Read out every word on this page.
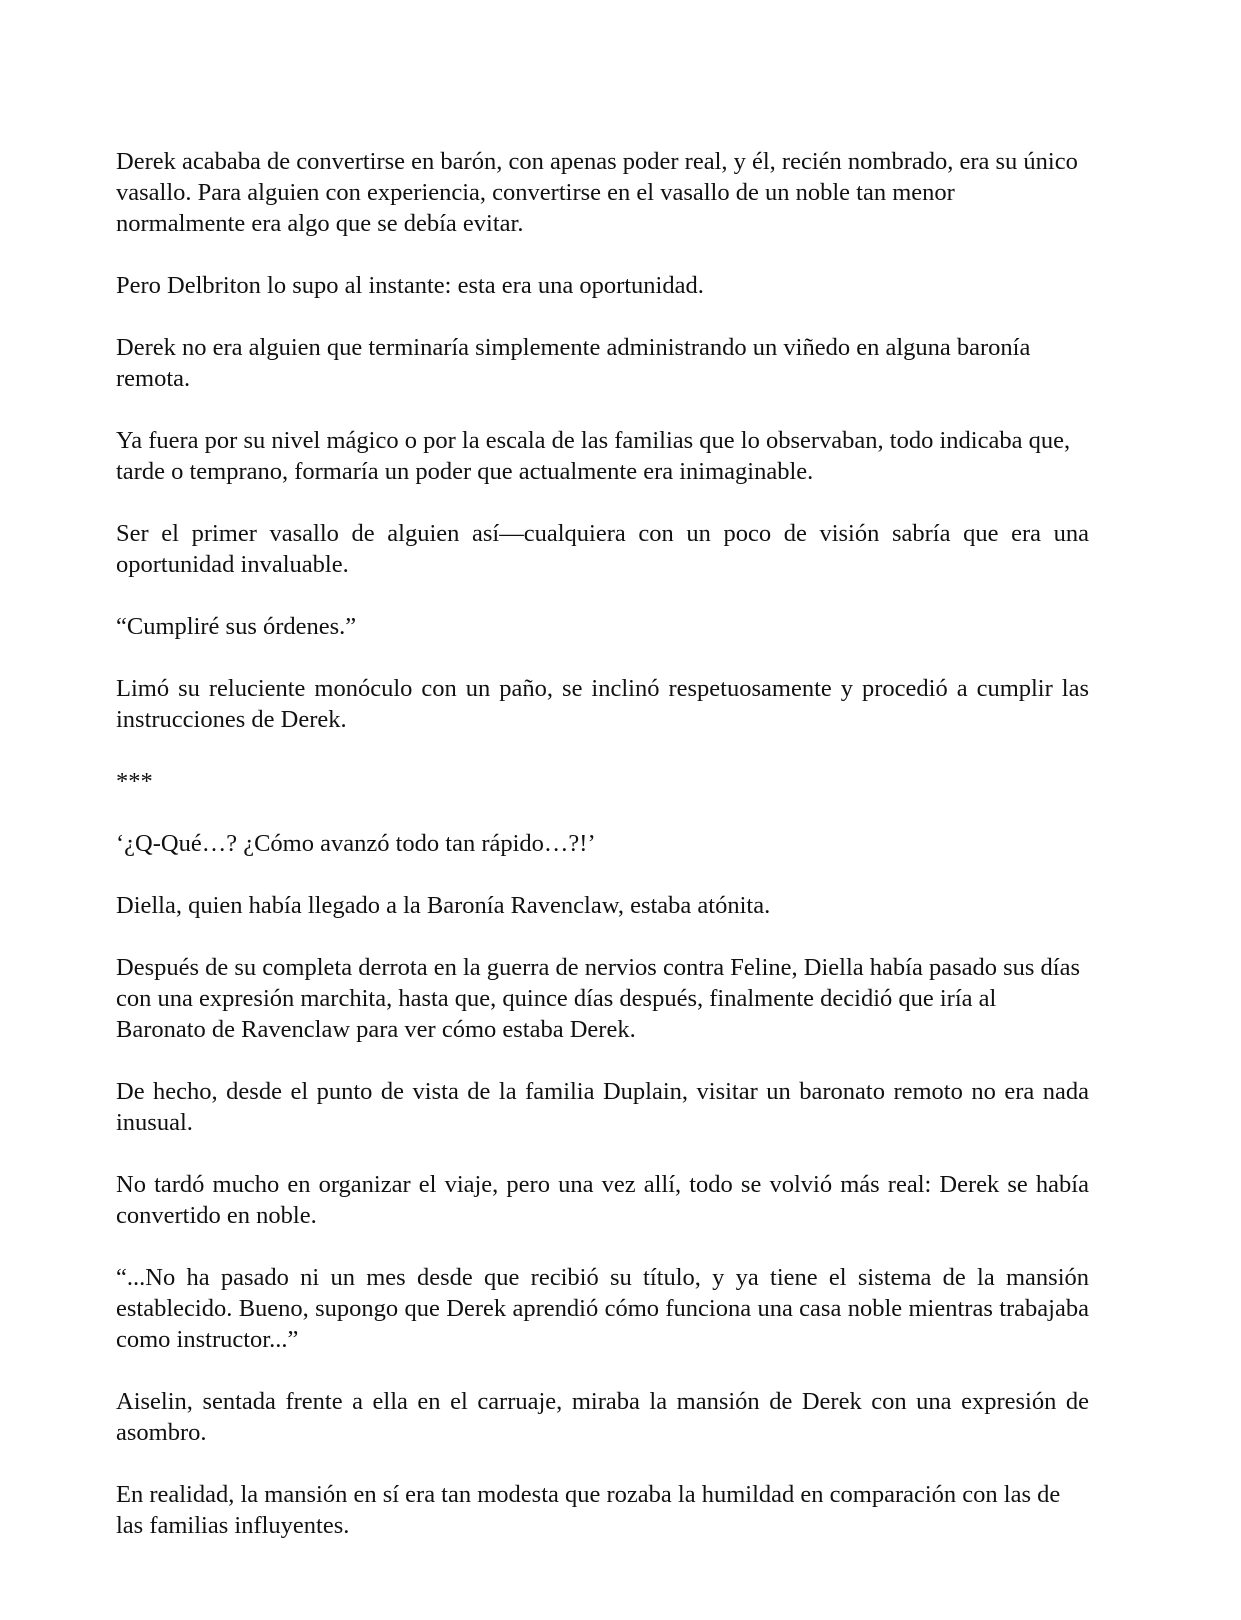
Derek acababa de convertirse en barón, con apenas poder real, y él, recién nombrado, era su único vasallo. Para alguien con experiencia, convertirse en el vasallo de un noble tan menor normalmente era algo que se debía evitar.

Pero Delbriton lo supo al instante: esta era una oportunidad.

Derek no era alguien que terminaría simplemente administrando un viñedo en alguna baronía remota.

Ya fuera por su nivel mágico o por la escala de las familias que lo observaban, todo indicaba que, tarde o temprano, formaría un poder que actualmente era inimaginable.

Ser el primer vasallo de alguien así—cualquiera con un poco de visión sabría que era una oportunidad invaluable.

“Cumpliré sus órdenes.”

Limó su reluciente monóculo con un paño, se inclinó respetuosamente y procedió a cumplir las instrucciones de Derek.

***

‘¿Q-Qué…? ¿Cómo avanzó todo tan rápido…?!’

Diella, quien había llegado a la Baronía Ravenclaw, estaba atónita.

Después de su completa derrota en la guerra de nervios contra Feline, Diella había pasado sus días con una expresión marchita, hasta que, quince días después, finalmente decidió que iría al Baronato de Ravenclaw para ver cómo estaba Derek.

De hecho, desde el punto de vista de la familia Duplain, visitar un baronato remoto no era nada inusual.

No tardó mucho en organizar el viaje, pero una vez allí, todo se volvió más real: Derek se había convertido en noble.

“...No ha pasado ni un mes desde que recibió su título, y ya tiene el sistema de la mansión establecido. Bueno, supongo que Derek aprendió cómo funciona una casa noble mientras trabajaba como instructor...”

Aiselin, sentada frente a ella en el carruaje, miraba la mansión de Derek con una expresión de asombro.

En realidad, la mansión en sí era tan modesta que rozaba la humildad en comparación con las de las familias influyentes.
